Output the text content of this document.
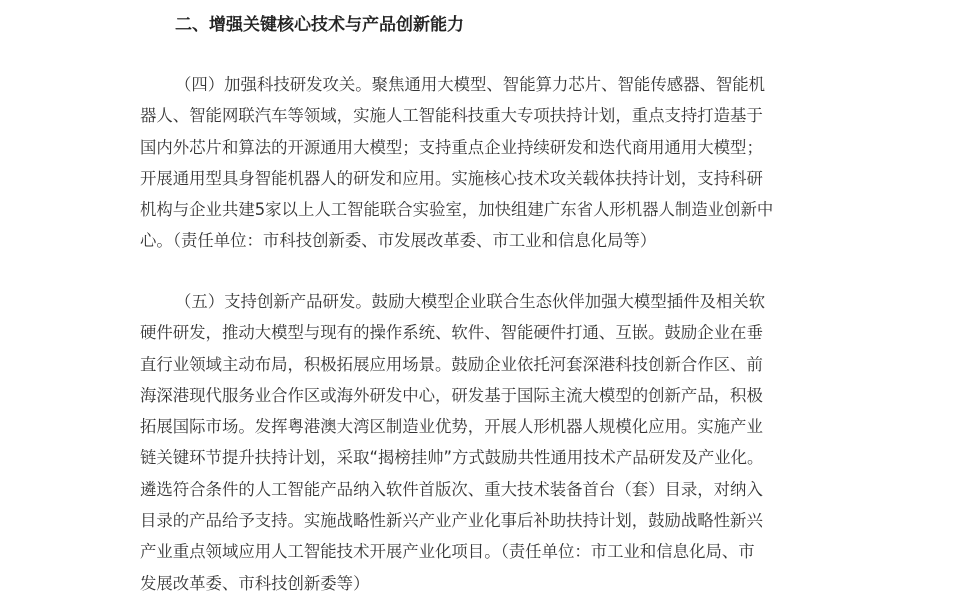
二、增强关键核心技术与产品创新能力

（四）加强科技研发攻关。聚焦通用大模型、智能算力芯片、智能传感器、智能机
器人、智能网联汽车等领域，实施人工智能科技重大专项扶持计划，重点支持打造基于
国内外芯片和算法的开源通用大模型；支持重点企业持续研发和迭代商用通用大模型；
开展通用型具身智能机器人的研发和应用。实施核心技术攻关载体扶持计划，支持科研
机构与企业共建5家以上人工智能联合实验室，加快组建广东省人形机器人制造业创新中
心。（责任单位：市科技创新委、市发展改革委、市工业和信息化局等）

（五）支持创新产品研发。鼓励大模型企业联合生态伙伴加强大模型插件及相关软
硬件研发，推动大模型与现有的操作系统、软件、智能硬件打通、互嵌。鼓励企业在垂
直行业领域主动布局，积极拓展应用场景。鼓励企业依托河套深港科技创新合作区、前
海深港现代服务业合作区或海外研发中心，研发基于国际主流大模型的创新产品，积极
拓展国际市场。发挥粤港澳大湾区制造业优势，开展人形机器人规模化应用。实施产业
链关键环节提升扶持计划，采取“揭榜挂帅”方式鼓励共性通用技术产品研发及产业化。
遴选符合条件的人工智能产品纳入软件首版次、重大技术装备首台（套）目录，对纳入
目录的产品给予支持。实施战略性新兴产业产业化事后补助扶持计划，鼓励战略性新兴
产业重点领域应用人工智能技术开展产业化项目。（责任单位：市工业和信息化局、市
发展改革委、市科技创新委等）
